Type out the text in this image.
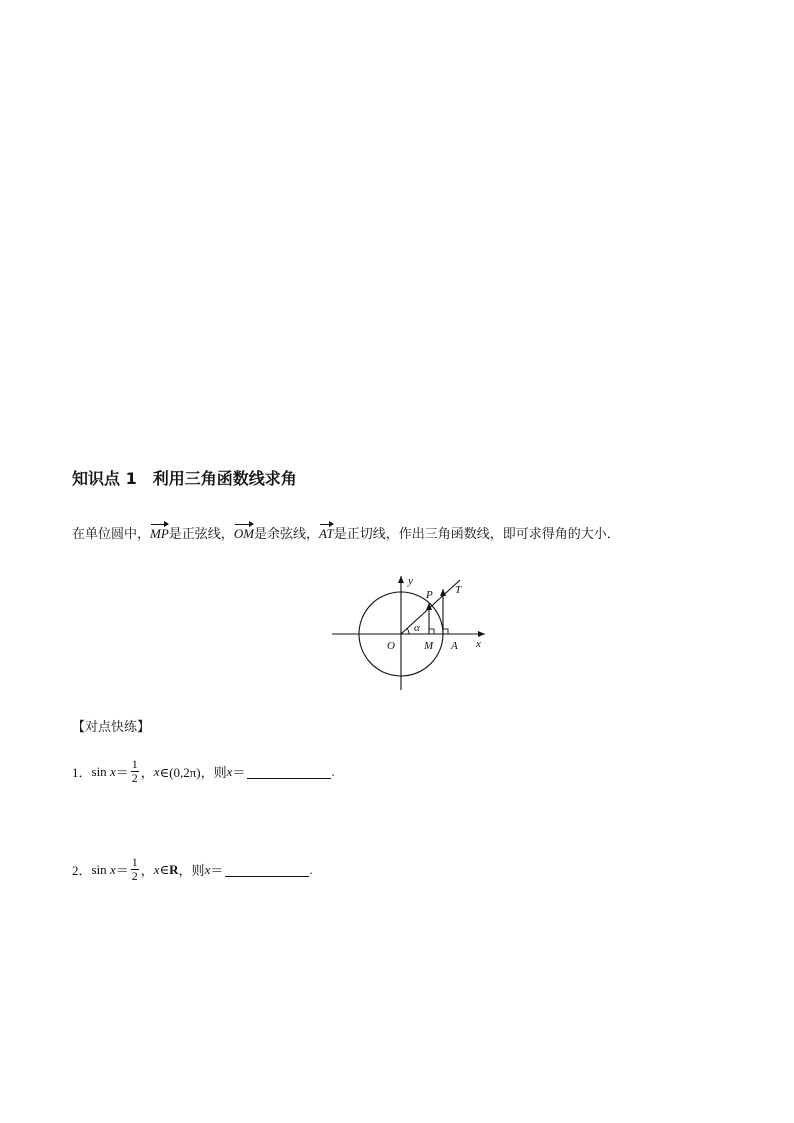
知识点 1 利用三角函数线求角
在单位圆中，MP是正弦线，OM是余弦线，AT是正切线，作出三角函数线，即可求得角的大小．
y
x
O
P T
M A
α
【对点快练】
1． sin
$x = \frac{1}{2}$ ， x ∈(0,2π)，则 x ＝	.
2． sin
$x = \frac{1}{2}$ ， x ∈ R ，则 x ＝	.
